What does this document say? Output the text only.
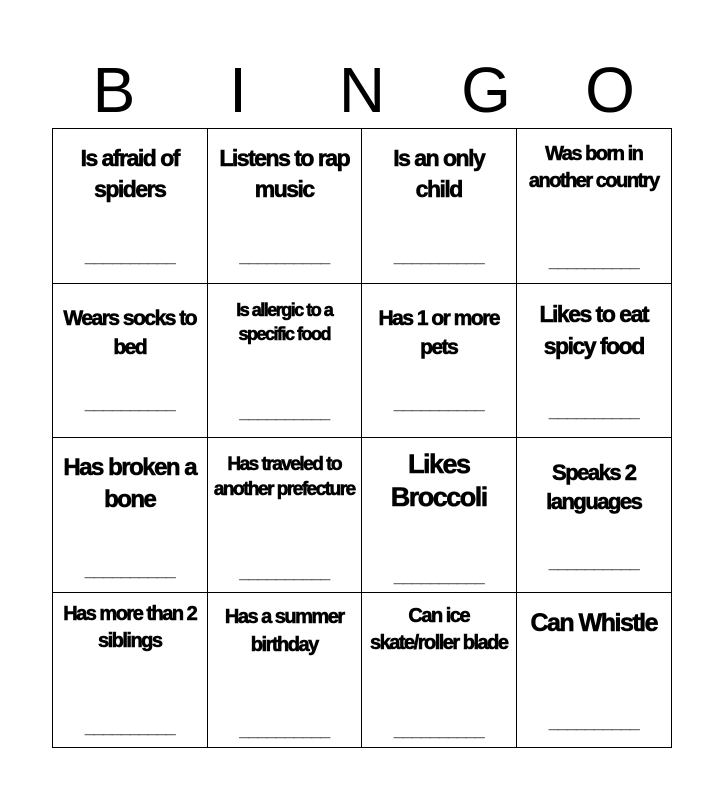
B	I	N	G	O
Is afraid of spiders
__________
Listens to rap music
__________
Is an only child
__________
Was born in another country
__________
Wears socks to bed
__________
Is allergic to a specific food
__________
Has 1 or more pets
__________
Likes to eat spicy food
__________
Has broken a bone
__________
Has traveled to another prefecture
__________
Likes Broccoli
__________
Speaks 2 languages
__________
Has more than 2 siblings
__________
Has a summer birthday
__________
Can ice skate/roller blade
__________
Can Whistle
__________
